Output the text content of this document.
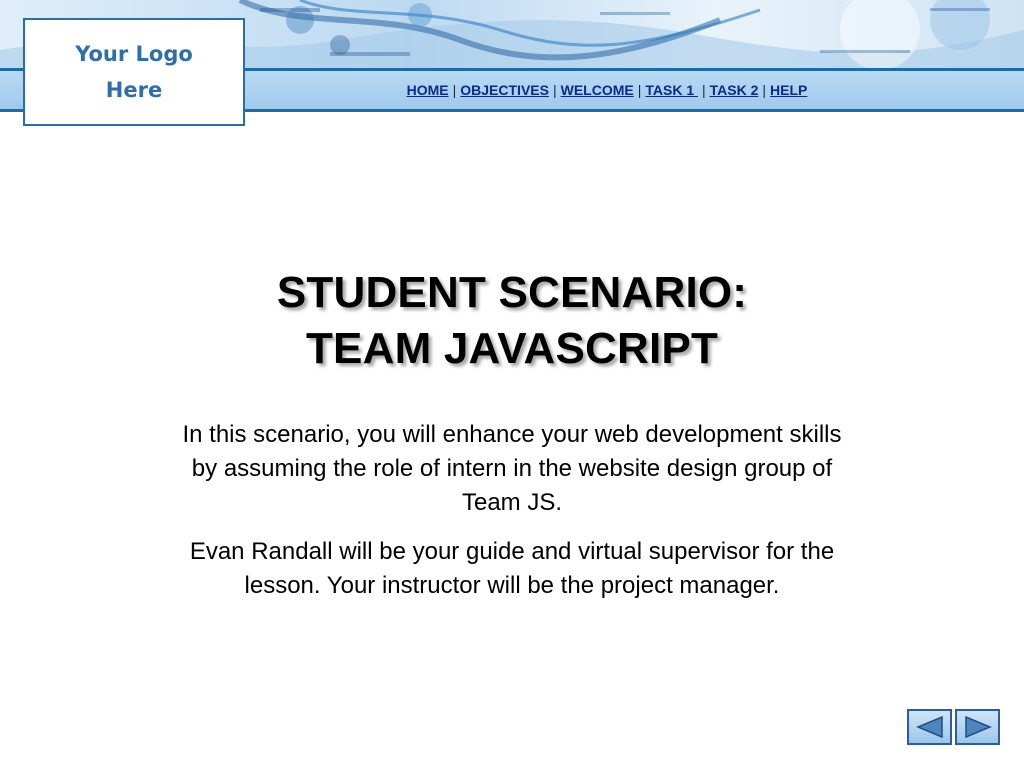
HOME | OBJECTIVES | WELCOME | TASK 1 | TASK 2 | HELP
Your Logo
Here
STUDENT SCENARIO:
TEAM JAVASCRIPT

In this scenario, you will enhance your web development skills by assuming the role of intern in the website design group of Team JS.

Evan Randall will be your guide and virtual supervisor for the lesson. Your instructor will be the project manager.
